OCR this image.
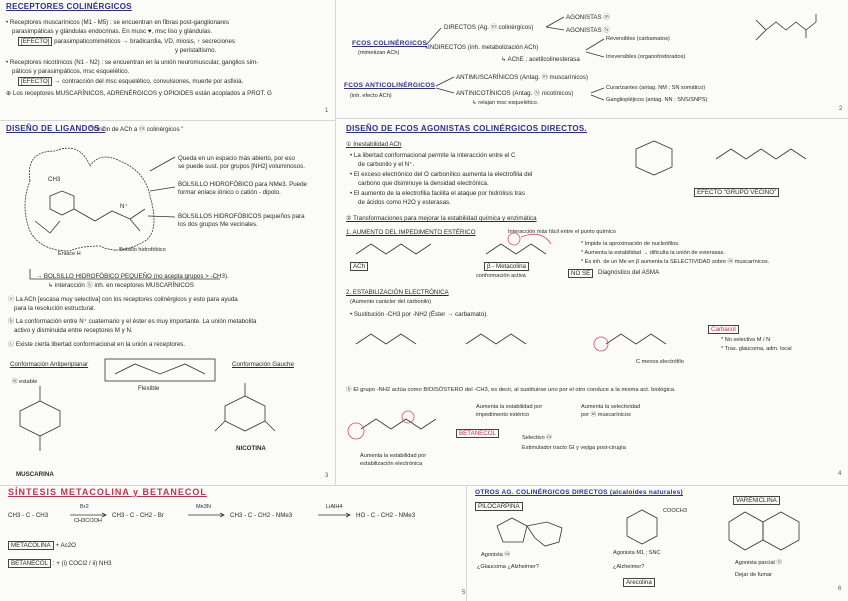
RECEPTORES COLINÉRGICOS
• Receptores muscarínicos (M1 - M5) : se encuentran en fibras post-ganglionares
parasimpáticas y glándulas endocrinas. En musc ♥, msc liso y glándulas.
[EFECTO] parasimpaticomiméticos → bradicardia, VD, miosis, ↑ secreciones
y peristaltismo.
• Receptores nicotínicos (N1 - N2) : se encuentran en la unión neuromuscular, ganglios sim-
páticos y parasimpáticos, msc esquelético.
[EFECTO] → contracción del msc esquelético, convulsiones, muerte por asfixia.
⊕ Los receptores MUSCARÍNICOS, ADRENÉRGICOS y OPIOIDES están acoplados a PROT. G
1
FCOS COLINÉRGICOS
(mimetizan ACh)
DIRECTOS (Ag. ⓜ colinérgicos)
AGONISTAS ⓜ
AGONISTAS Ⓝ
INDIRECTOS (inh. metabolización ACh)
↳ AChE ; acetilcolinesterasa
Reversibles (carbamatos)
Irreversibles (organofosforados)
FCOS ANTICOLINÉRGICOS
(inh. efecto ACh)
ANTIMUSCARÍNICOS (Antag. ⓜ muscarínicos)
ANTINICOTÍNICOS (Antag. Ⓝ nicotínicos)
↳ relajan msc esquelético.
Curarizantes (antag. NM ; SN somático)
Gangliopléjicos (antag. NN ; SNS/SNPS)
2
DISEÑO DE LIGANDOS :
" Unión de ACh a ⓜ colinérgicos "
CH3
N⁺
Queda en un espacio más abierto, por eso
se puede sust. por grupos [NH2] voluminosos.
BOLSILLO HIDROFÓBICO para NMe3. Puede
formar enlace iónico o catión - dipolo.
BOLSILLOS HIDROFÓBICOS pequeños para
los dos grupos Me vecinales.
Enlace H
→ Bolsillo hidrofóbico
→ BOLSILLO HIDROFÓBICO PEQUEÑO (no acepta grupos > -CH3).
↳ interacción ⓑ inh. en receptores MUSCARÍNICOS
ⓐ La ACh [escasa muy selectiva] con los receptores colinérgicos y esto para ayuda
para la resolución estructural.
ⓑ La conformación entre N⁺ cuaternario y el éster es muy importante. La unión metabolita
activo y disminuida entre receptores M y N.
ⓒ Existe cierta libertad conformacional en la unión a receptores.
Conformación Antiperiplanar
Ⓜ estable
Flexible
Conformación Gauche
MUSCARINA
NICOTINA
3
DISEÑO DE FCOS AGONISTAS COLINÉRGICOS DIRECTOS.
① Inestabilidad ACh
• La libertad conformacional permite la interacción entre el C
de carbonilo y el N⁺.
• El exceso electrónico del O carbonílico aumenta la electrofilia del
carbono que disminuye la densidad electrónica.
• El aumento de la electrofilia facilita el ataque por hidrólisis tras
de ácidos como H2O y esterasas.
EFECTO "GRUPO VECINO"
② Transformaciones para mejorar la estabilidad química y enzimática
1. AUMENTO DEL IMPEDIMENTO ESTÉRICO	Interacción más fácil entre el punto químico
ACh	β - Metacolina
conformación activa	NO SE	Diagnóstico del ASMA
* Impide la aproximación de nucleófilos.
* Aumenta la estabilidad → dificulta la unión de esterasas.
* Es inh. de un Me en β aumenta la SELECTIVIDAD sobre ⓜ muscarínicos.
2. ESTABILIZACIÓN ELECTRÓNICA
(Aumento carácter del carbonilo)
• Sustitución -CH3 por -NH2 (Éster → carbamato).
Carbacol
* No selectivo M / N
* Tras. glaucoma, adm. local
C menos electrófilo
ⓑ El grupo -NH2 actúa como BIOISÓSTERO del -CH3, es decir, al sustituirse uno por el otro conduce a la misma act. biológica.
Aumenta la estabilidad por
impedimento estérico
Aumenta la selectividad
por ⓜ muscarínicos
BETANECOL
Aumenta la estabilidad por
estabilización electrónica
Selectivo ⓜ
Estimulador tracto GI y vejiga post-cirugía
4
SÍNTESIS METACOLINA y BETANECOL
CH3 - C - CH3
Br2
CH3COOH
CH3 - C - CH2 - Br
Me3N
CH3 - C - CH2 - NMe3
LiAlH4
HO - C - CH2 - NMe3
METACOLINA + Ac2O
BETANECOL : + (i) COCl2 / ii) NH3
5
OTROS AG. COLINÉRGICOS DIRECTOS (alcaloides naturales)
PILOCARPINA
Agonista ⓜ
¿Glaucoma ¿Alzheimer?
COOCH3
Agonista M1 ; SNC
¿Alzheimer?
Arecolina
VARENICLINA
Agonista parcial Ⓝ
Dejar de fumar
6
